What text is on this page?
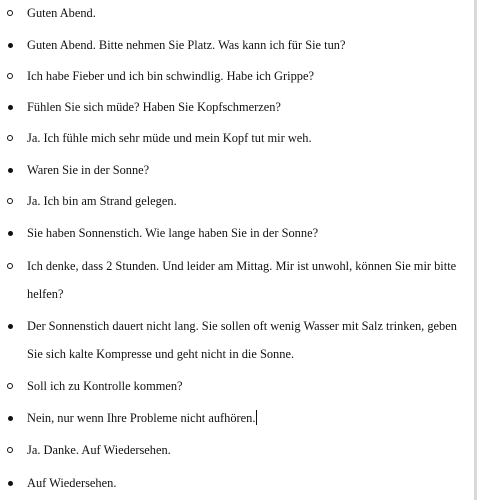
Guten Abend.
Guten Abend. Bitte nehmen Sie Platz. Was kann ich für Sie tun?
Ich habe Fieber und ich bin schwindlig. Habe ich Grippe?
Fühlen Sie sich müde? Haben Sie Kopfschmerzen?
Ja. Ich fühle mich sehr müde und mein Kopf tut mir weh.
Waren Sie in der Sonne?
Ja. Ich bin am Strand gelegen.
Sie haben Sonnenstich. Wie lange haben Sie in der Sonne?
Ich denke, dass 2 Stunden. Und leider am Mittag. Mir ist unwohl, können Sie mir bitte
helfen?
Der Sonnenstich dauert nicht lang. Sie sollen oft wenig Wasser mit Salz trinken, geben
Sie sich kalte Kompresse und geht nicht in die Sonne.
Soll ich zu Kontrolle kommen?
Nein, nur wenn Ihre Probleme nicht aufhören.
Ja. Danke. Auf Wiedersehen.
Auf Wiedersehen.
